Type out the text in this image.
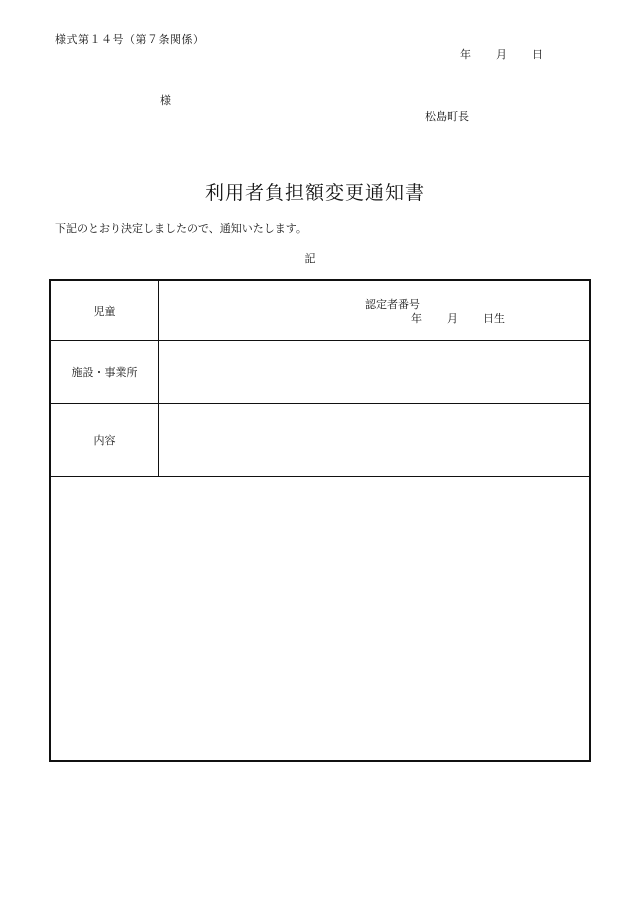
様式第１４号（第７条関係）
年 月 日
様
松島町長
利用者負担額変更通知書
下記のとおり決定しましたので、通知いたします。
記
児童	認定者番号
年 月 日生
施設・事業所
内容
